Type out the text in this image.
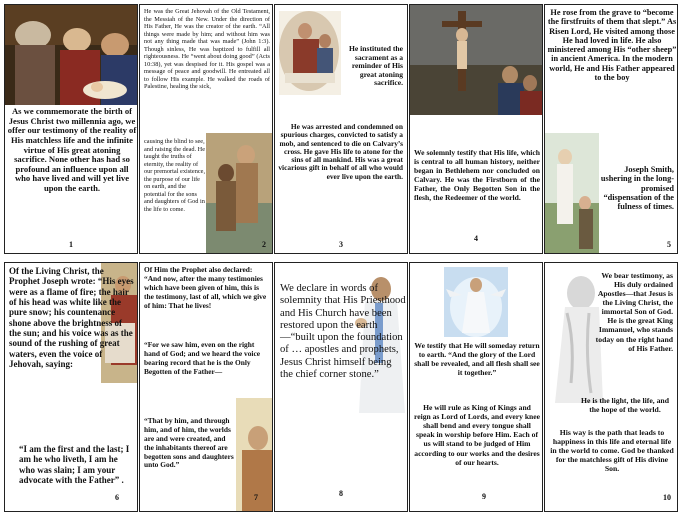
As we commemorate the birth of Jesus Christ two millennia ago, we offer our testimony of the reality of His matchless life and the infinite virtue of His great atoning sacrifice. None other has had so profound an influence upon all who have lived and will yet live upon the earth.

1

He was the Great Jehovah of the Old Testament, the Messiah of the New. Under the direction of His Father, He was the creator of the earth. “All things were made by him; and without him was not any thing made that was made” (John 1:3). Though sinless, He was baptized to fulfill all righteousness. He “went about doing good” (Acts 10:38), yet was despised for it. His gospel was a message of peace and goodwill. He entreated all to follow His example. He walked the roads of Palestine, healing the sick,

causing the blind to see, and raising the dead. He taught the truths of eternity, the reality of our premortal existence, the purpose of our life on earth, and the potential for the sons and daughters of God in the life to come.

2

He instituted the sacrament as a reminder of His great atoning sacrifice.

He was arrested and condemned on spurious charges, convicted to satisfy a mob, and sentenced to die on Calvary’s cross. He gave His life to atone for the sins of all mankind. His was a great vicarious gift in behalf of all who would ever live upon the earth.

3

We solemnly testify that His life, which is central to all human history, neither began in Bethlehem nor concluded on Calvary. He was the Firstborn of the Father, the Only Begotten Son in the flesh, the Redeemer of the world.

4

He rose from the grave to “become the firstfruits of them that slept.” As Risen Lord, He visited among those He had loved in life. He also ministered among His “other sheep” in ancient America. In the modern world, He and His Father appeared to the boy

Joseph Smith, ushering in the long-promised “dispensation of the fulness of times.

5

Of the Living Christ, the Prophet Joseph wrote: “His eyes were as a flame of fire; the hair of his head was white like the pure snow; his countenance shone above the brightness of the sun; and his voice was as the sound of the rushing of great waters, even the voice of Jehovah, saying:

“I am the first and the last; I am he who liveth, I am he who was slain; I am your advocate with the Father” .

6

Of Him the Prophet also declared: “And now, after the many testimonies which have been given of him, this is the testimony, last of all, which we give of him: That he lives!

“For we saw him, even on the right hand of God; and we heard the voice bearing record that he is the Only Begotten of the Father—

“That by him, and through him, and of him, the worlds are and were created, and the inhabitants thereof are begotten sons and daughters unto God.”

7

We declare in words of solemnity that His Priesthood and His Church have been restored upon the earth—“built upon the foundation of … apostles and prophets, Jesus Christ himself being the chief corner stone.”

8

We testify that He will someday return to earth. “And the glory of the Lord shall be revealed, and all flesh shall see it together.”

He will rule as King of Kings and reign as Lord of Lords, and every knee shall bend and every tongue shall speak in worship before Him. Each of us will stand to be judged of Him according to our works and the desires of our hearts.

9

We bear testimony, as His duly ordained Apostles—that Jesus is the Living Christ, the immortal Son of God. He is the great King Immanuel, who stands today on the right hand of His Father.

He is the light, the life, and the hope of the world.

His way is the path that leads to happiness in this life and eternal life in the world to come. God be thanked for the matchless gift of His divine Son.

10
